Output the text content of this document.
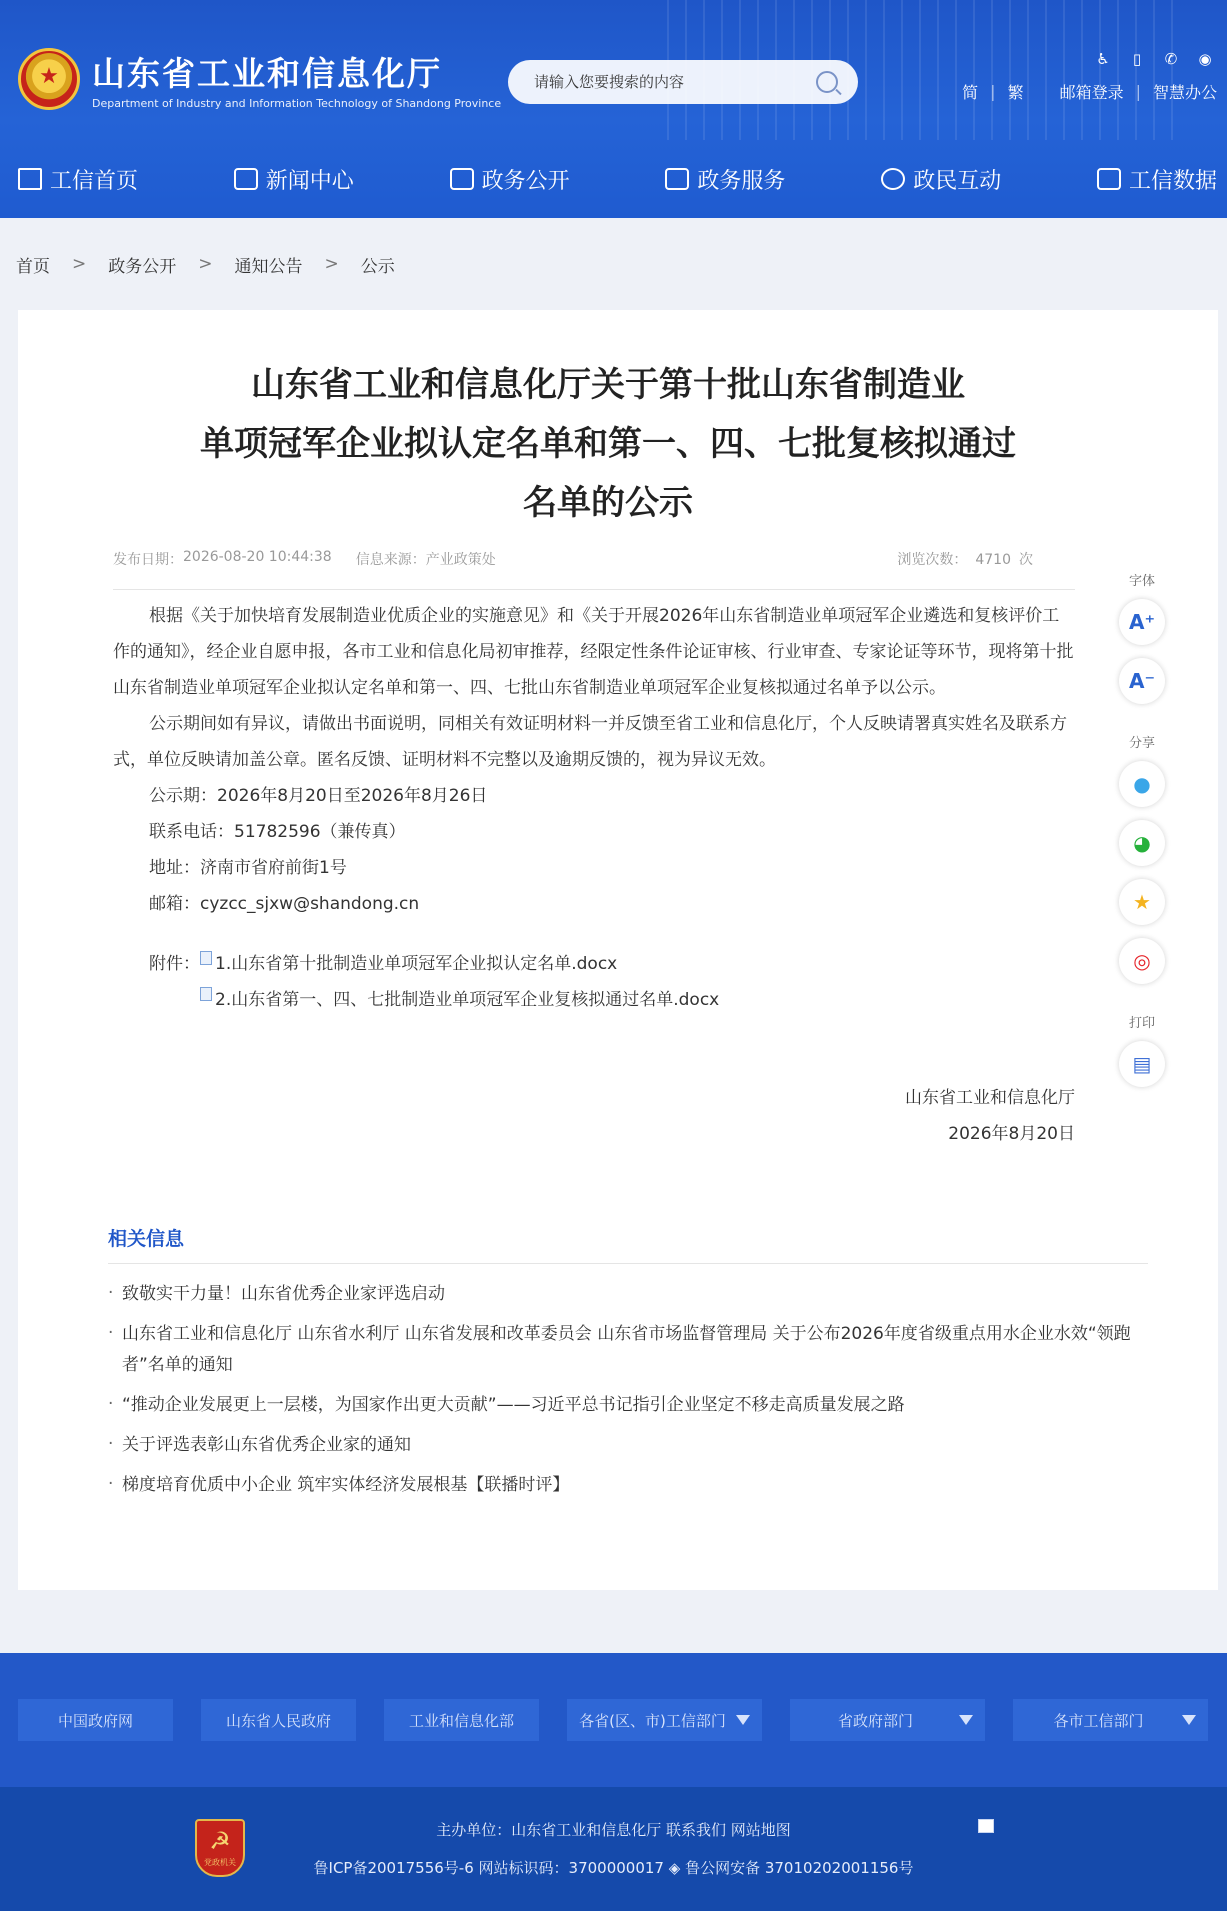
★
山东省工业和信息化厅
Department of Industry and Information Technology of Shandong Province
请输入您要搜索的内容
♿	▯	✆ ◉
简 | 繁 邮箱登录 | 智慧办公
工信首页	新闻中心	政务公开	政务服务	政民互动	工信数据
首页 > 政务公开 > 通知公告 > 公示
山东省工业和信息化厅关于第十批山东省制造业
单项冠军企业拟认定名单和第一、四、七批复核拟通过
名单的公示
发布日期： 2026-08-20 10:44:38 信息来源： 产业政策处	浏览次数： 4710 次

根据《关于加快培育发展制造业优质企业的实施意见》和《关于开展2026年山东省制造业单项冠军企业遴选和复核评价工作的通知》，经企业自愿申报，各市工业和信息化局初审推荐，经限定性条件论证审核、行业审查、专家论证等环节，现将第十批山东省制造业单项冠军企业拟认定名单和第一、四、七批山东省制造业单项冠军企业复核拟通过名单予以公示。

公示期间如有异议，请做出书面说明，同相关有效证明材料一并反馈至省工业和信息化厅，个人反映请署真实姓名及联系方式，单位反映请加盖公章。匿名反馈、证明材料不完整以及逾期反馈的，视为异议无效。

公示期：2026年8月20日至2026年8月26日
联系电话：51782596（兼传真）
地址：济南市省府前街1号
邮箱：cyzcc_sjxw@shandong.cn
附件： 1.山东省第十批制造业单项冠军企业拟认定名单.docx
2.山东省第一、四、七批制造业单项冠军企业复核拟通过名单.docx
山东省工业和信息化厅
2026年8月20日
字体
A⁺
A⁻
分享
●
◕
★
◎
打印
▤
相关信息
· 致敬实干力量！山东省优秀企业家评选启动
· 山东省工业和信息化厅 山东省水利厅 山东省发展和改革委员会 山东省市场监督管理局 关于公布2026年度省级重点用水企业水效“领跑者”名单的通知
· “推动企业发展更上一层楼，为国家作出更大贡献”——习近平总书记指引企业坚定不移走高质量发展之路
· 关于评选表彰山东省优秀企业家的通知
· 梯度培育优质中小企业 筑牢实体经济发展根基【联播时评】
中国政府网	山东省人民政府	工业和信息化部	各省(区、市)工信部门	省政府部门	各市工信部门
☭ 党政机关
主办单位：山东省工业和信息化厅 联系我们 网站地图
鲁ICP备20017556号-6 网站标识码：3700000017 ◈ 鲁公网安备 37010202001156号
